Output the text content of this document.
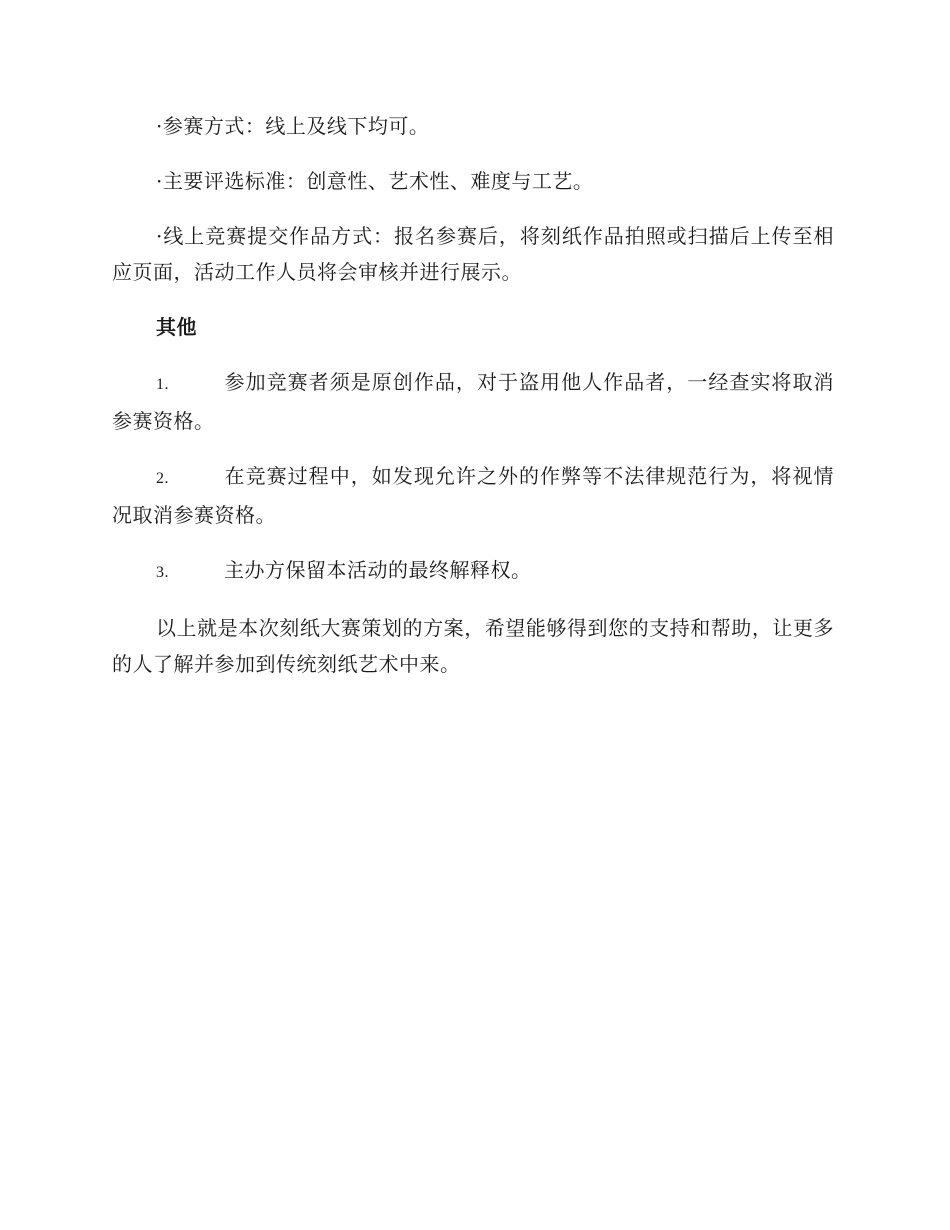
·参赛方式：线上及线下均可。

·主要评选标准：创意性、艺术性、难度与工艺。

·线上竞赛提交作品方式：报名参赛后，将刻纸作品拍照或扫描后上传至相应页面，活动工作人员将会审核并进行展示。

其他

1.	参加竞赛者须是原创作品，对于盗用他人作品者，一经查实将取消参赛资格。

2.	在竞赛过程中，如发现允许之外的作弊等不法律规范行为，将视情况取消参赛资格。

3.	主办方保留本活动的最终解释权。

以上就是本次刻纸大赛策划的方案，希望能够得到您的支持和帮助，让更多的人了解并参加到传统刻纸艺术中来。
